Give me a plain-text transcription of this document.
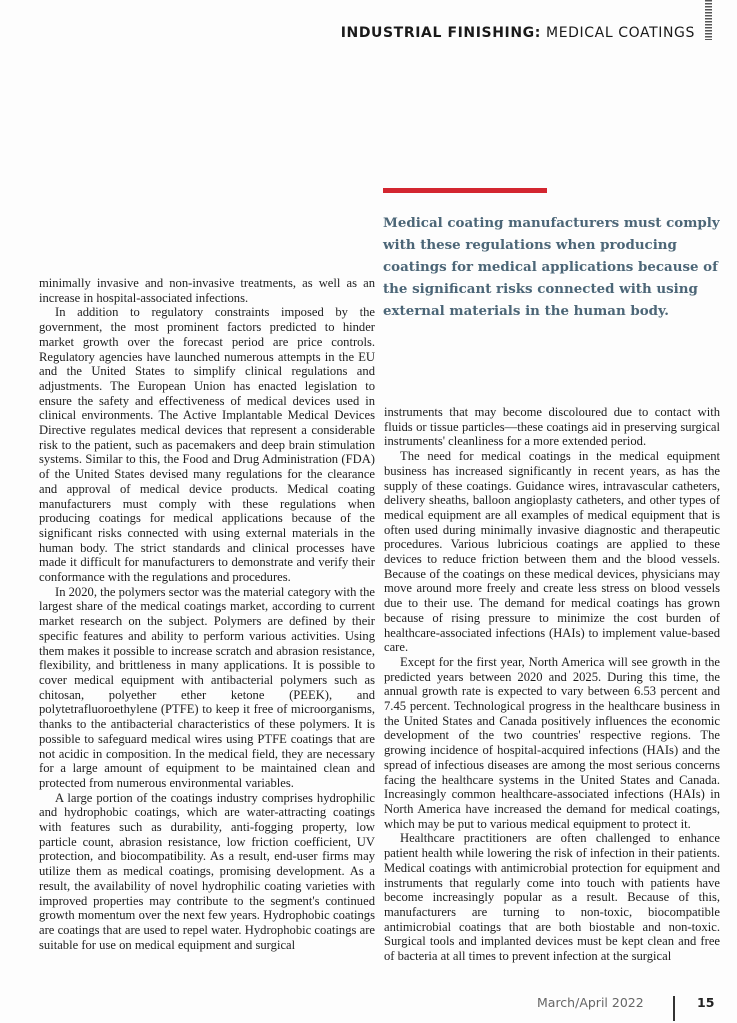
INDUSTRIAL FINISHING: MEDICAL COATINGS
Medical coating manufacturers must comply with these regulations when producing coatings for medical applications because of the significant risks connected with using external materials in the human body.

minimally invasive and non-invasive treatments, as well as an increase in hospital-associated infections.

In addition to regulatory constraints imposed by the government, the most prominent factors predicted to hinder market growth over the forecast period are price controls. Regulatory agencies have launched numerous attempts in the EU and the United States to simplify clinical regulations and adjustments. The European Union has enacted legislation to ensure the safety and effectiveness of medical devices used in clinical environments. The Active Implantable Medical Devices Directive regulates medical devices that represent a considerable risk to the patient, such as pacemakers and deep brain stimulation systems. Similar to this, the Food and Drug Administration (FDA) of the United States devised many regulations for the clearance and approval of medical device products. Medical coating manufacturers must comply with these regulations when producing coatings for medical applications because of the significant risks connected with using external materials in the human body. The strict standards and clinical processes have made it difficult for manufacturers to demonstrate and verify their conformance with the regulations and procedures.

In 2020, the polymers sector was the material category with the largest share of the medical coatings market, according to current market research on the subject. Polymers are defined by their specific features and ability to perform various activities. Using them makes it possible to increase scratch and abrasion resistance, flexibility, and brittleness in many applications. It is possible to cover medical equipment with antibacterial polymers such as chitosan, polyether ether ketone (PEEK), and polytetrafluoroethylene (PTFE) to keep it free of microorganisms, thanks to the antibacterial characteristics of these polymers. It is possible to safeguard medical wires using PTFE coatings that are not acidic in composition. In the medical field, they are necessary for a large amount of equipment to be maintained clean and protected from numerous environmental variables.

A large portion of the coatings industry comprises hydrophilic and hydrophobic coatings, which are water-attracting coatings with features such as durability, anti-fogging property, low particle count, abrasion resistance, low friction coefficient, UV protection, and biocompatibility. As a result, end-user firms may utilize them as medical coatings, promising development. As a result, the availability of novel hydrophilic coating varieties with improved properties may contribute to the segment's continued growth momentum over the next few years. Hydrophobic coatings are coatings that are used to repel water. Hydrophobic coatings are suitable for use on medical equipment and surgical

instruments that may become discoloured due to contact with fluids or tissue particles—these coatings aid in preserving surgical instruments' cleanliness for a more extended period.

The need for medical coatings in the medical equipment business has increased significantly in recent years, as has the supply of these coatings. Guidance wires, intravascular catheters, delivery sheaths, balloon angioplasty catheters, and other types of medical equipment are all examples of medical equipment that is often used during minimally invasive diagnostic and therapeutic procedures. Various lubricious coatings are applied to these devices to reduce friction between them and the blood vessels. Because of the coatings on these medical devices, physicians may move around more freely and create less stress on blood vessels due to their use. The demand for medical coatings has grown because of rising pressure to minimize the cost burden of healthcare-associated infections (HAIs) to implement value-based care.

Except for the first year, North America will see growth in the predicted years between 2020 and 2025. During this time, the annual growth rate is expected to vary between 6.53 percent and 7.45 percent. Technological progress in the healthcare business in the United States and Canada positively influences the economic development of the two countries' respective regions. The growing incidence of hospital-acquired infections (HAIs) and the spread of infectious diseases are among the most serious concerns facing the healthcare systems in the United States and Canada. Increasingly common healthcare-associated infections (HAIs) in North America have increased the demand for medical coatings, which may be put to various medical equipment to protect it.

Healthcare practitioners are often challenged to enhance patient health while lowering the risk of infection in their patients. Medical coatings with antimicrobial protection for equipment and instruments that regularly come into touch with patients have become increasingly popular as a result. Because of this, manufacturers are turning to non-toxic, biocompatible antimicrobial coatings that are both biostable and non-toxic. Surgical tools and implanted devices must be kept clean and free of bacteria at all times to prevent infection at the surgical

March/April 2022	15
